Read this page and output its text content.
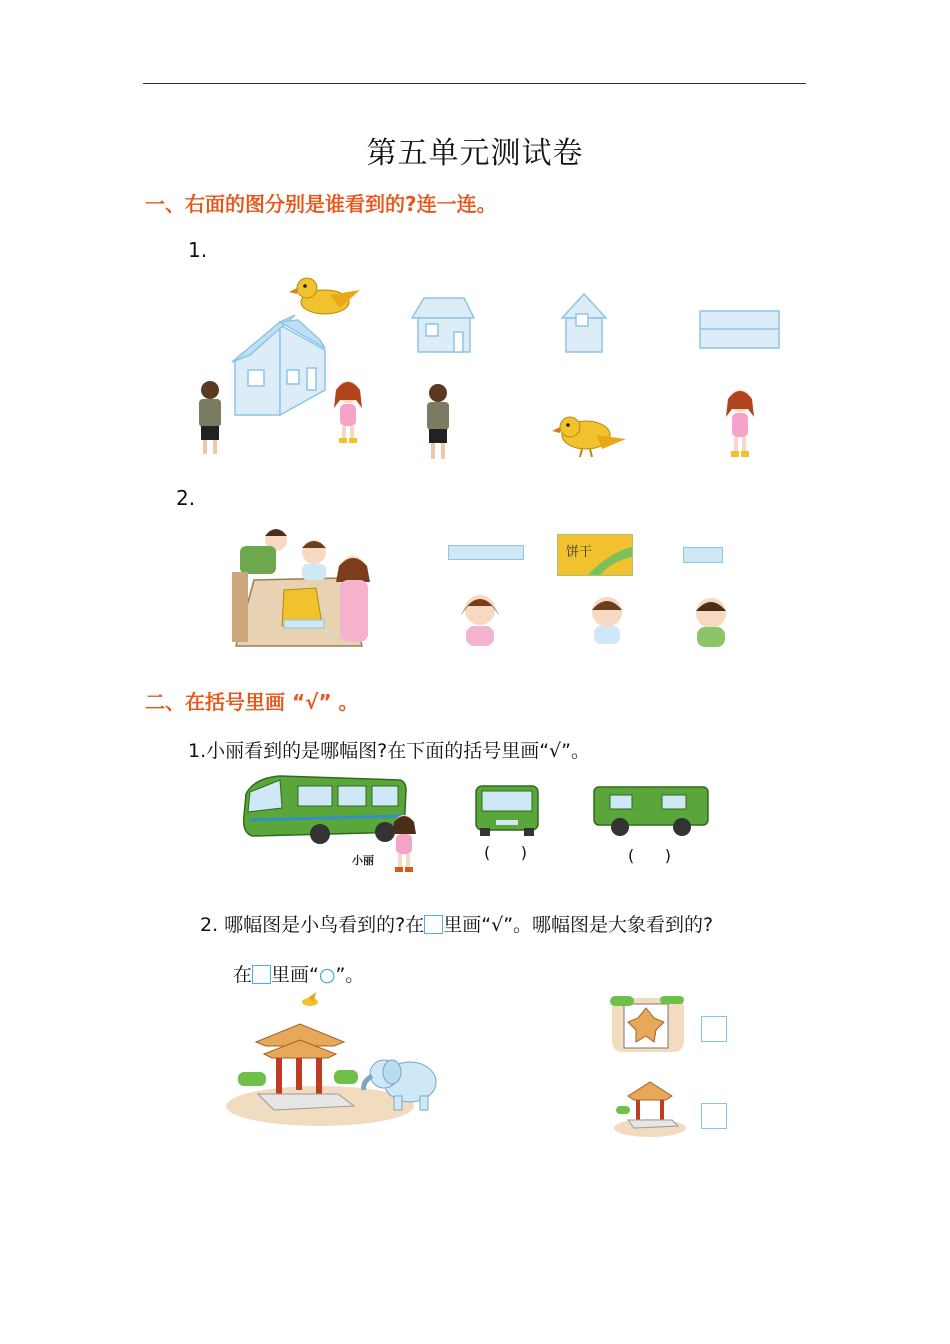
第五单元测试卷
一、右面的图分别是谁看到的?连一连。
1.
2.
饼干
二、在括号里画 “√” 。
1.小丽看到的是哪幅图?在下面的括号里画“√”。
小丽	(      )	(      )
2. 哪幅图是小鸟看到的?在 里画“√”。哪幅图是大象看到的?
在 里画“○”。
